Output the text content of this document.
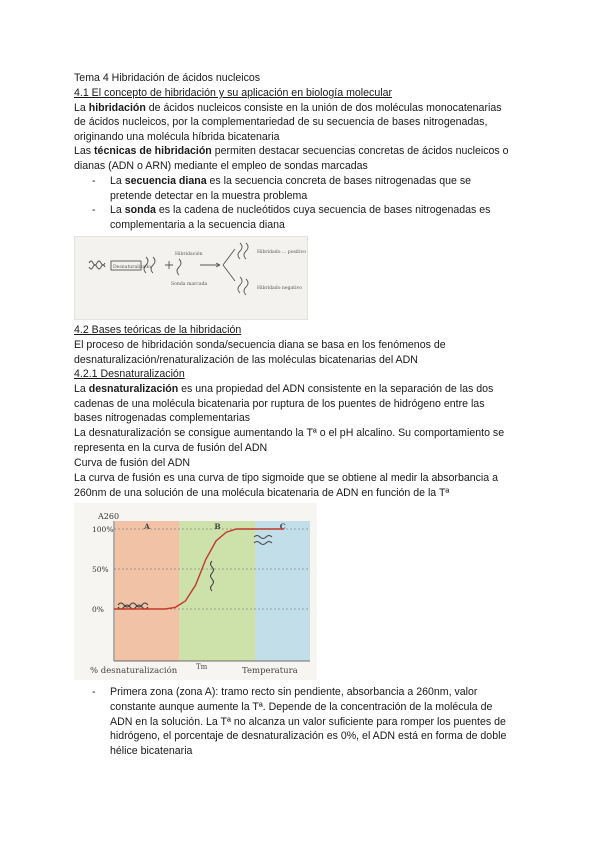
Tema 4 Hibridación de ácidos nucleicos
4.1 El concepto de hibridación y su aplicación en biología molecular
La hibridación de ácidos nucleicos consiste en la unión de dos moléculas monocatenarias
de ácidos nucleicos, por la complementariedad de su secuencia de bases nitrogenadas,
originando una molécula híbrida bicatenaria
Las técnicas de hibridación permiten destacar secuencias concretas de ácidos nucleicos o
dianas (ADN o ARN) mediante el empleo de sondas marcadas
- La secuencia diana es la secuencia concreta de bases nitrogenadas que se
pretende detectar en la muestra problema
- La sonda es la cadena de nucleótidos cuya secuencia de bases nitrogenadas es
complementaria a la secuencia diana
Desnaturalizado
Hibridación
Sonda marcada
Hibridado ... positivo
Hibridado negativo
4.2 Bases teóricas de la hibridación
El proceso de hibridación sonda/secuencia diana se basa en los fenómenos de
desnaturalización/renaturalización de las moléculas bicatenarias del ADN
4.2.1 Desnaturalización
La desnaturalización es una propiedad del ADN consistente en la separación de las dos
cadenas de una molécula bicatenaria por ruptura de los puentes de hidrógeno entre las
bases nitrogenadas complementarias
La desnaturalización se consigue aumentando la Tª o el pH alcalino. Su comportamiento se
representa en la curva de fusión del ADN
Curva de fusión del ADN
La curva de fusión es una curva de tipo sigmoide que se obtiene al medir la absorbancia a
260nm de una solución de una molécula bicatenaria de ADN en función de la Tª
A	B	C
100%
50%
0%
A260
% desnaturalización	Tm	Temperatura
- Primera zona (zona A): tramo recto sin pendiente, absorbancia a 260nm, valor
constante aunque aumente la Tª. Depende de la concentración de la molécula de
ADN en la solución. La Tª no alcanza un valor suficiente para romper los puentes de
hidrógeno, el porcentaje de desnaturalización es 0%, el ADN está en forma de doble
hélice bicatenaria
